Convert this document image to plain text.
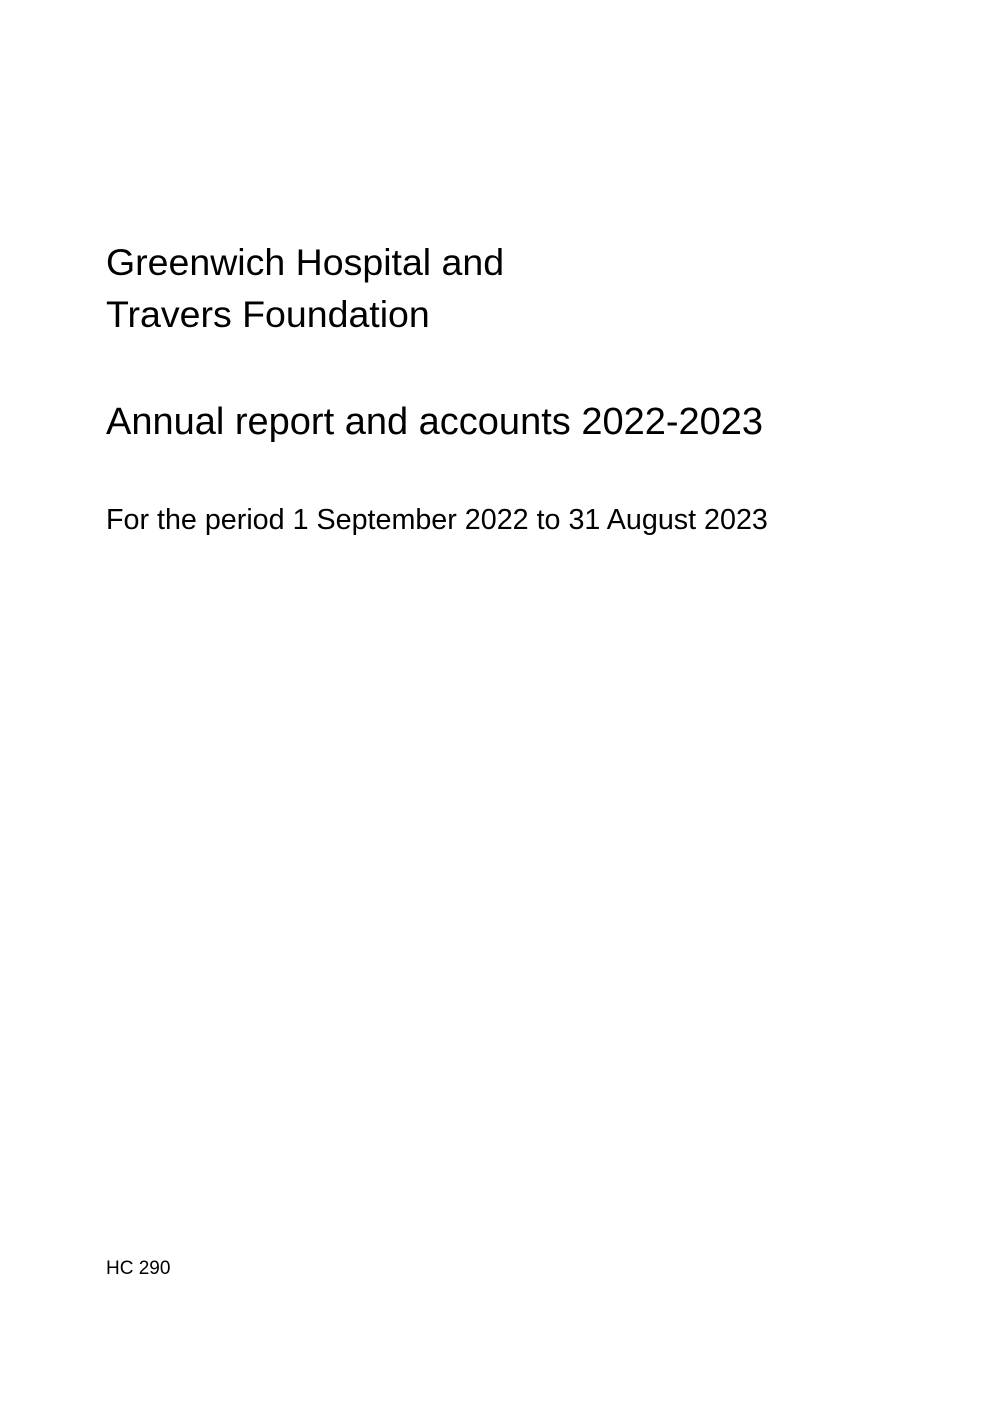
Greenwich Hospital and
Travers Foundation
Annual report and accounts 2022-2023

For the period 1 September 2022 to 31 August 2023

HC 290
